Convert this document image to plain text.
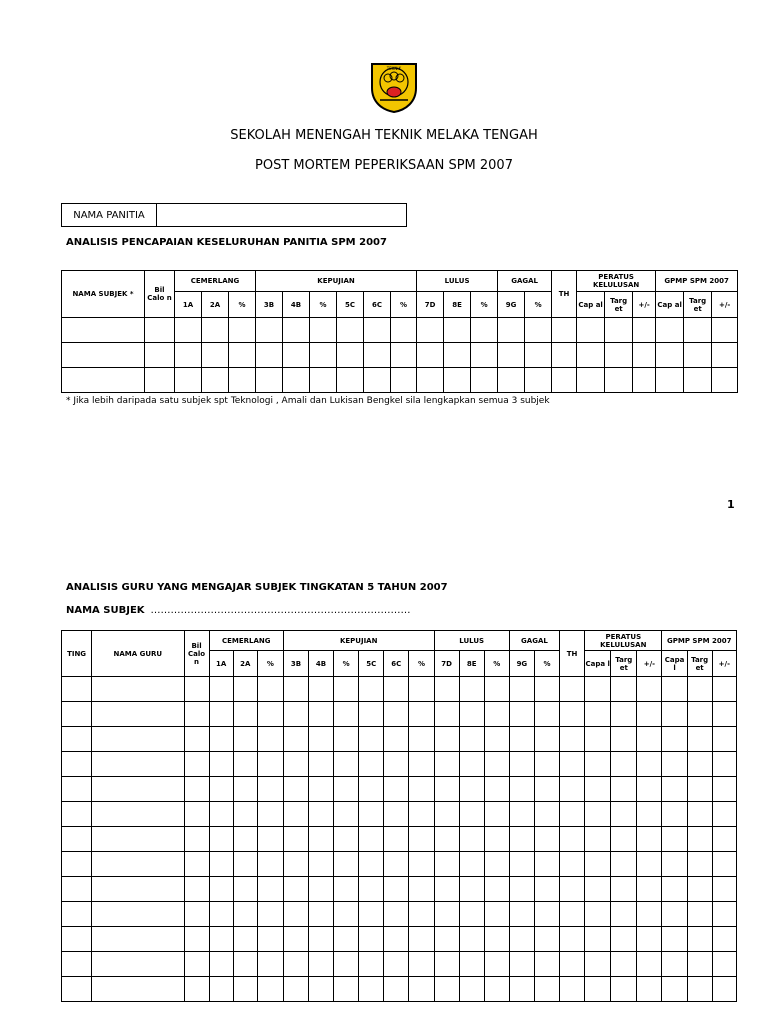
TEKNIK
SEKOLAH MENENGAH TEKNIK MELAKA TENGAH
POST MORTEM PEPERIKSAAN SPM 2007
NAMA PANITIA
ANALISIS PENCAPAIAN KESELURUHAN PANITIA SPM 2007
NAMA SUBJEK *	Bil Calo n	CEMERLANG			KEPUJIAN						LULUS			GAGAL		TH	PERATUS KELULUSAN			GPMP SPM 2007		
		1A	2A	%	3B	4B	%	5C	6C	%	7D	8E	%	9G	%		Cap al	Targ et	+/-	Cap al	Targ et	+/-

* Jika lebih daripada satu subjek spt Teknologi , Amali dan Lukisan Bengkel sila lengkapkan semua 3 subjek
1
ANALISIS GURU YANG MENGAJAR SUBJEK TINGKATAN 5 TAHUN 2007
NAMA SUBJEK ……………………………………………………………………
TING	NAMA GURU	Bil Calo n	CEMERLANG			KEPUJIAN						LULUS			GAGAL		TH	PERATUS KELULUSAN			GPMP SPM 2007		
			1A	2A	%	3B	4B	%	5C	6C	%	7D	8E	%	9G	%		Capa l	Targ et	+/-	Capa l	Targ et	+/-
